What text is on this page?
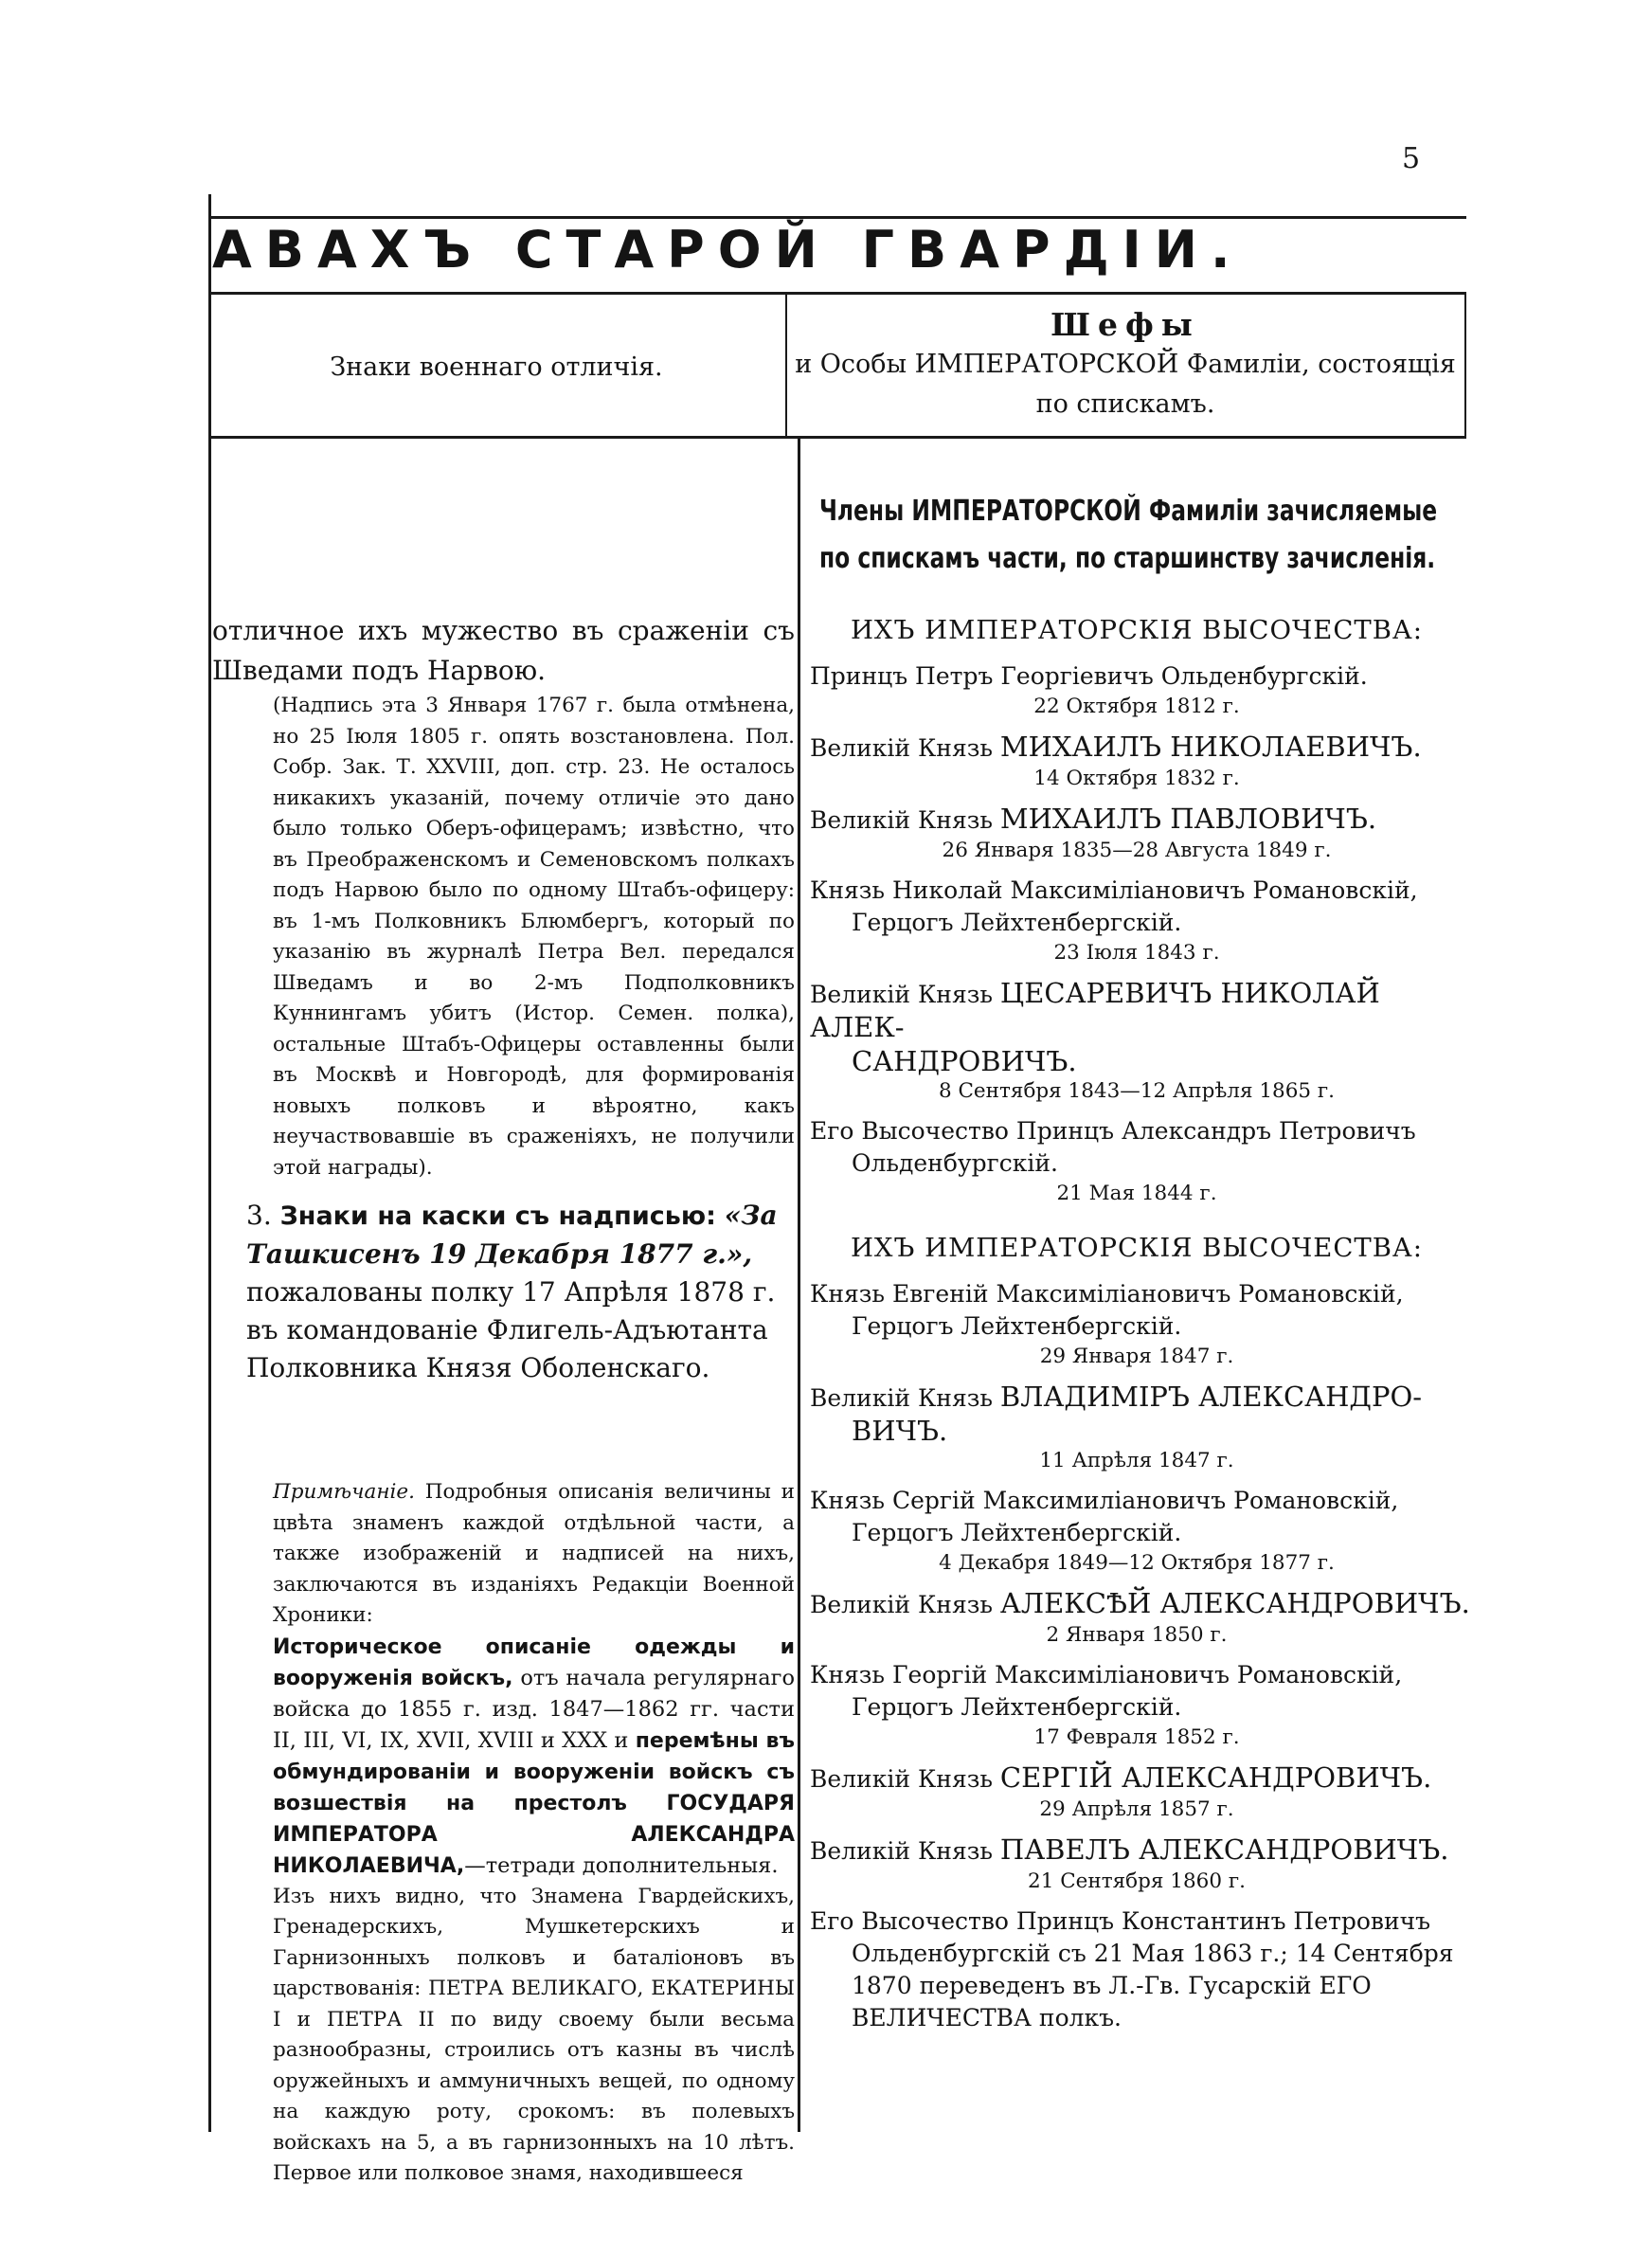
5
АВАХЪ СТАРОЙ ГВАРДІИ.
Знаки военнаго отличія.
Шефы
и Особы ИМПЕРАТОРСКОЙ Фамиліи, состоящія
по спискамъ.

отличное ихъ мужество въ сраженіи съ Шведами подъ Нарвою.

(Надпись эта 3 Января 1767 г. была отмѣнена, но 25 Іюля 1805 г. опять возстановлена. Пол. Собр. Зак. Т. XXVIII, доп. стр. 23. Не осталось никакихъ указаній, почему отличіе это дано было только Оберъ-офицерамъ; извѣстно, что въ Преображенскомъ и Семеновскомъ полкахъ подъ Нарвою было по одному Штабъ-офицеру: въ 1-мъ Полковникъ Блюмбергъ, который по указанію въ журналѣ Петра Вел. передался Шведамъ и во 2-мъ Подполковникъ Куннингамъ убитъ (Истор. Семен. полка), остальные Штабъ-Офицеры оставленны были въ Москвѣ и Новгородѣ, для формированія новыхъ полковъ и вѣроятно, какъ неучаствовавшіе въ сраженіяхъ, не получили этой награды).

3. Знаки на каски съ надписью: «За Ташкисенъ 19 Декабря 1877 г.», пожалованы полку 17 Апрѣля 1878 г. въ командованіе Флигель-Адъютанта Полковника Князя Оболенскаго.

Примѣчаніе. Подробныя описанія величины и цвѣта знаменъ каждой отдѣльной части, а также изображеній и надписей на нихъ, заключаются въ изданіяхъ Редакціи Военной Хроники:

Историческое описаніе одежды и вооруженія войскъ, отъ начала регулярнаго войска до 1855 г. изд. 1847—1862 гг. части II, III, VI, IX, XVII, XVIII и XXX и перемѣны въ обмундированіи и вооруженіи войскъ съ возшествія на престолъ ГОСУДАРЯ ИМПЕРАТОРА АЛЕКСАНДРА НИКОЛАЕВИЧА,—тетради дополнительныя.

Изъ нихъ видно, что Знамена Гвардейскихъ, Гренадерскихъ, Мушкетерскихъ и Гарнизонныхъ полковъ и баталіоновъ въ царствованія: ПЕТРА ВЕЛИКАГО, ЕКАТЕРИНЫ I и ПЕТРА II по виду своему были весьма разнообразны, строились отъ казны въ числѣ оружейныхъ и аммуничныхъ вещей, по одному на каждую роту, срокомъ: въ полевыхъ войскахъ на 5, а въ гарнизонныхъ на 10 лѣтъ. Первое или полковое знамя, находившееся

Члены ИМПЕРАТОРСКОЙ Фамиліи зачисляемые по спискамъ части, по старшинству зачисленія.
ИХЪ ИМПЕРАТОРСКІЯ ВЫСОЧЕСТВА:
Принцъ Петръ Георгіевичъ Ольденбургскій.
22 Октября 1812 г.
Великій Князь МИХАИЛЪ НИКОЛАЕВИЧЪ.
14 Октября 1832 г.
Великій Князь МИХАИЛЪ ПАВЛОВИЧЪ.
26 Января 1835—28 Августа 1849 г.
Князь Николай Максиміліановичъ Романовскій,
Герцогъ Лейхтенбергскій.
23 Іюля 1843 г.
Великій Князь ЦЕСАРЕВИЧЪ НИКОЛАЙ АЛЕК-
САНДРОВИЧЪ.
8 Сентября 1843—12 Апрѣля 1865 г.
Его Высочество Принцъ Александръ Петровичъ
Ольденбургскій.
21 Мая 1844 г.
ИХЪ ИМПЕРАТОРСКІЯ ВЫСОЧЕСТВА:
Князь Евгеній Максиміліановичъ Романовскій,
Герцогъ Лейхтенбергскій.
29 Января 1847 г.
Великій Князь ВЛАДИМІРЪ АЛЕКСАНДРО-
ВИЧЪ.
11 Апрѣля 1847 г.
Князь Сергій Максимиліановичъ Романовскій,
Герцогъ Лейхтенбергскій.
4 Декабря 1849—12 Октября 1877 г.
Великій Князь АЛЕКСѢЙ АЛЕКСАНДРОВИЧЪ.
2 Января 1850 г.
Князь Георгій Максиміліановичъ Романовскій,
Герцогъ Лейхтенбергскій.
17 Февраля 1852 г.
Великій Князь СЕРГІЙ АЛЕКСАНДРОВИЧЪ.
29 Апрѣля 1857 г.
Великій Князь ПАВЕЛЪ АЛЕКСАНДРОВИЧЪ.
21 Сентября 1860 г.
Его Высочество Принцъ Константинъ Петровичъ
Ольденбургскій съ 21 Мая 1863 г.; 14 Сентября 1870 переведенъ въ Л.-Гв. Гусарскій ЕГО ВЕЛИЧЕСТВА полкъ.
